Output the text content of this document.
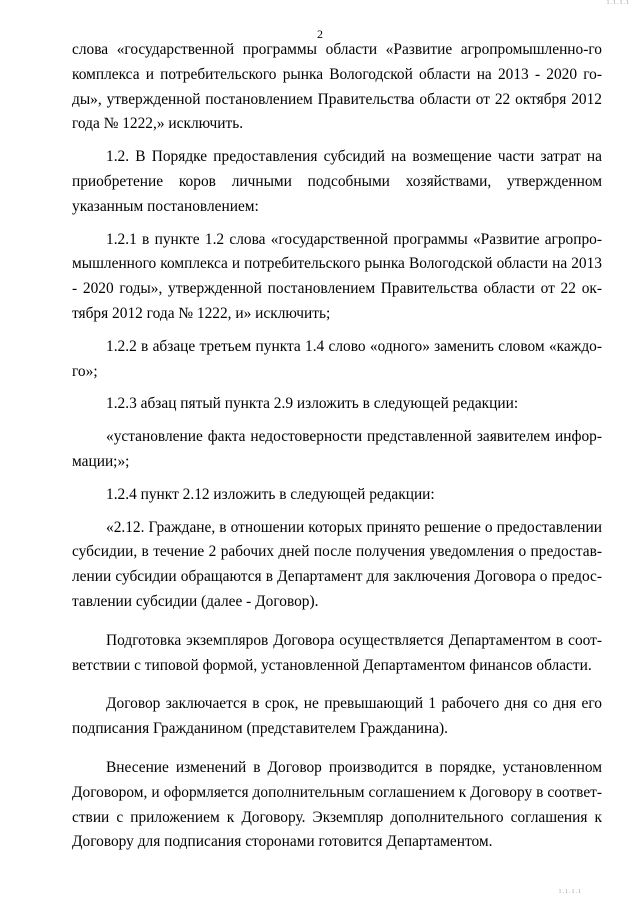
1.1.1.1
2

слова «государственной программы области «Развитие агропромышленно-го комплекса и потребительского рынка Вологодской области на 2013 - 2020 го-ды», утвержденной постановлением Правительства области от 22 октября 2012 года № 1222,» исключить.

1.2. В Порядке предоставления субсидий на возмещение части затрат на приобретение коров личными подсобными хозяйствами, утвержденном указанным постановлением:

1.2.1 в пункте 1.2 слова «государственной программы «Развитие агропро-мышленного комплекса и потребительского рынка Вологодской области на 2013 - 2020 годы», утвержденной постановлением Правительства области от 22 ок-тября 2012 года № 1222, и» исключить;

1.2.2 в абзаце третьем пункта 1.4 слово «одного» заменить словом «каждо-го»;

1.2.3 абзац пятый пункта 2.9 изложить в следующей редакции:

«установление факта недостоверности представленной заявителем инфор-мации;»;

1.2.4 пункт 2.12 изложить в следующей редакции:

«2.12. Граждане, в отношении которых принято решение о предоставлении субсидии, в течение 2 рабочих дней после получения уведомления о предостав-лении субсидии обращаются в Департамент для заключения Договора о предос-тавлении субсидии (далее - Договор).

Подготовка экземпляров Договора осуществляется Департаментом в соот-ветствии с типовой формой, установленной Департаментом финансов области.

Договор заключается в срок, не превышающий 1 рабочего дня со дня его подписания Гражданином (представителем Гражданина).

Внесение изменений в Договор производится в порядке, установленном Договором, и оформляется дополнительным соглашением к Договору в соответ-ствии с приложением к Договору. Экземпляр дополнительного соглашения к Договору для подписания сторонами готовится Департаментом.

1.1.1.1
